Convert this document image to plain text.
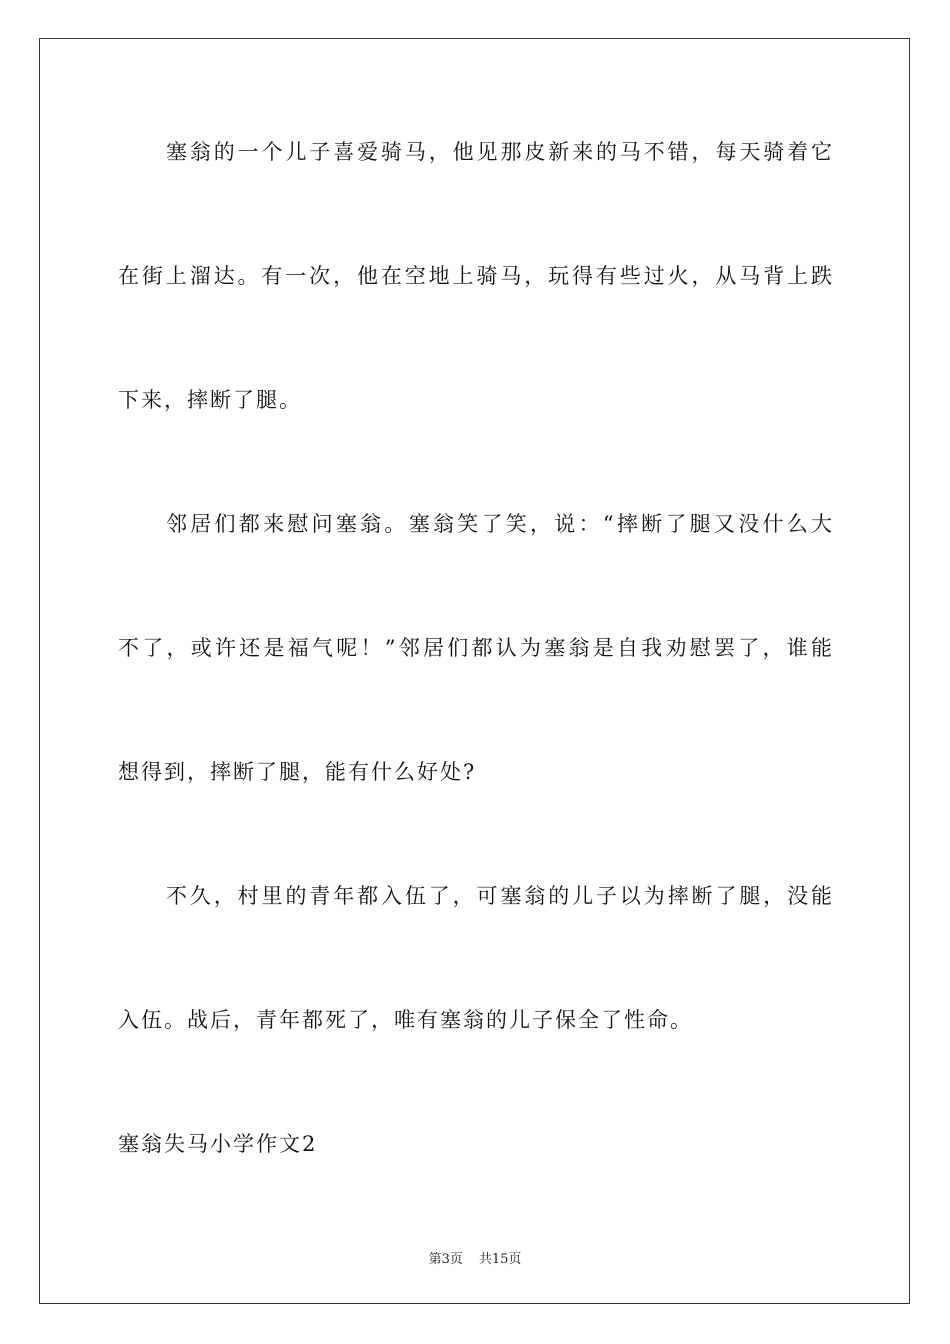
塞翁的一个儿子喜爱骑马，他见那皮新来的马不错，每天骑着它

在街上溜达。有一次，他在空地上骑马，玩得有些过火，从马背上跌

下来，摔断了腿。

邻居们都来慰问塞翁。塞翁笑了笑，说：“摔断了腿又没什么大

不了，或许还是福气呢！”邻居们都认为塞翁是自我劝慰罢了，谁能

想得到，摔断了腿，能有什么好处?

不久，村里的青年都入伍了，可塞翁的儿子以为摔断了腿，没能

入伍。战后，青年都死了，唯有塞翁的儿子保全了性命。

塞翁失马小学作文2

第3页 共15页
